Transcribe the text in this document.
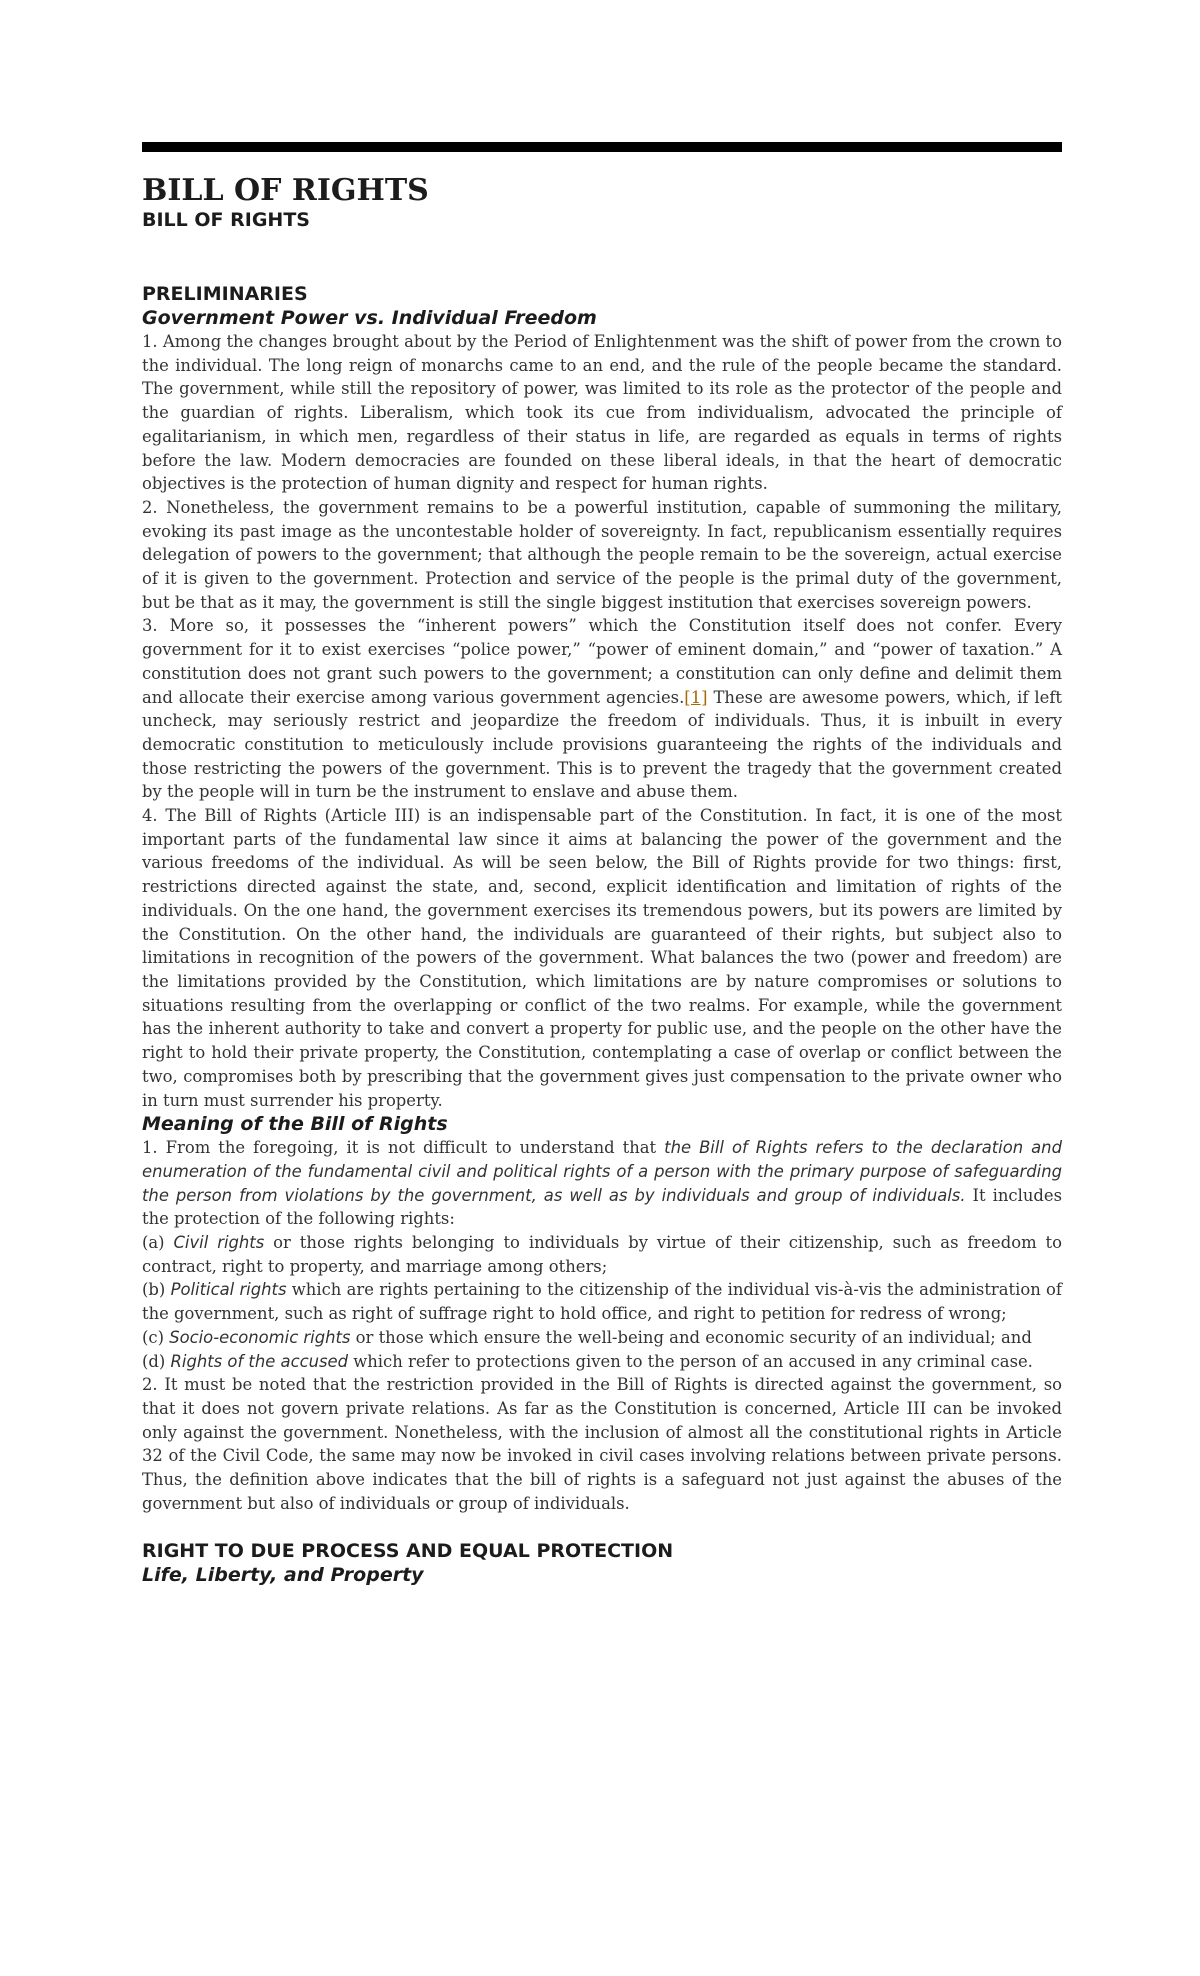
BILL OF RIGHTS
BILL OF RIGHTS
PRELIMINARIES
Government Power vs. Individual Freedom

1. Among the changes brought about by the Period of Enlightenment was the shift of power from the crown to the individual. The long reign of monarchs came to an end, and the rule of the people became the standard. The government, while still the repository of power, was limited to its role as the protector of the people and the guardian of rights. Liberalism, which took its cue from individualism, advocated the principle of egalitarianism, in which men, regardless of their status in life, are regarded as equals in terms of rights before the law. Modern democracies are founded on these liberal ideals, in that the heart of democratic objectives is the protection of human dignity and respect for human rights.

2. Nonetheless, the government remains to be a powerful institution, capable of summoning the military, evoking its past image as the uncontestable holder of sovereignty. In fact, republicanism essentially requires delegation of powers to the government; that although the people remain to be the sovereign, actual exercise of it is given to the government. Protection and service of the people is the primal duty of the government, but be that as it may, the government is still the single biggest institution that exercises sovereign powers.

3. More so, it possesses the “inherent powers” which the Constitution itself does not confer. Every government for it to exist exercises “police power,” “power of eminent domain,” and “power of taxation.” A constitution does not grant such powers to the government; a constitution can only define and delimit them and allocate their exercise among various government agencies.[1] These are awesome powers, which, if left uncheck, may seriously restrict and jeopardize the freedom of individuals. Thus, it is inbuilt in every democratic constitution to meticulously include provisions guaranteeing the rights of the individuals and those restricting the powers of the government. This is to prevent the tragedy that the government created by the people will in turn be the instrument to enslave and abuse them.

4. The Bill of Rights (Article III) is an indispensable part of the Constitution. In fact, it is one of the most important parts of the fundamental law since it aims at balancing the power of the government and the various freedoms of the individual. As will be seen below, the Bill of Rights provide for two things: first, restrictions directed against the state, and, second, explicit identification and limitation of rights of the individuals. On the one hand, the government exercises its tremendous powers, but its powers are limited by the Constitution. On the other hand, the individuals are guaranteed of their rights, but subject also to limitations in recognition of the powers of the government. What balances the two (power and freedom) are the limitations provided by the Constitution, which limitations are by nature compromises or solutions to situations resulting from the overlapping or conflict of the two realms. For example, while the government has the inherent authority to take and convert a property for public use, and the people on the other have the right to hold their private property, the Constitution, contemplating a case of overlap or conflict between the two, compromises both by prescribing that the government gives just compensation to the private owner who in turn must surrender his property.

Meaning of the Bill of Rights

1. From the foregoing, it is not difficult to understand that the Bill of Rights refers to the declaration and enumeration of the fundamental civil and political rights of a person with the primary purpose of safeguarding the person from violations by the government, as well as by individuals and group of individuals. It includes the protection of the following rights:

(a) Civil rights or those rights belonging to individuals by virtue of their citizenship, such as freedom to contract, right to property, and marriage among others;

(b) Political rights which are rights pertaining to the citizenship of the individual vis-à-vis the administration of the government, such as right of suffrage right to hold office, and right to petition for redress of wrong;

(c) Socio-economic rights or those which ensure the well-being and economic security of an individual; and

(d) Rights of the accused which refer to protections given to the person of an accused in any criminal case.

2. It must be noted that the restriction provided in the Bill of Rights is directed against the government, so that it does not govern private relations. As far as the Constitution is concerned, Article III can be invoked only against the government. Nonetheless, with the inclusion of almost all the constitutional rights in Article 32 of the Civil Code, the same may now be invoked in civil cases involving relations between private persons. Thus, the definition above indicates that the bill of rights is a safeguard not just against the abuses of the government but also of individuals or group of individuals.

RIGHT TO DUE PROCESS AND EQUAL PROTECTION
Life, Liberty, and Property
